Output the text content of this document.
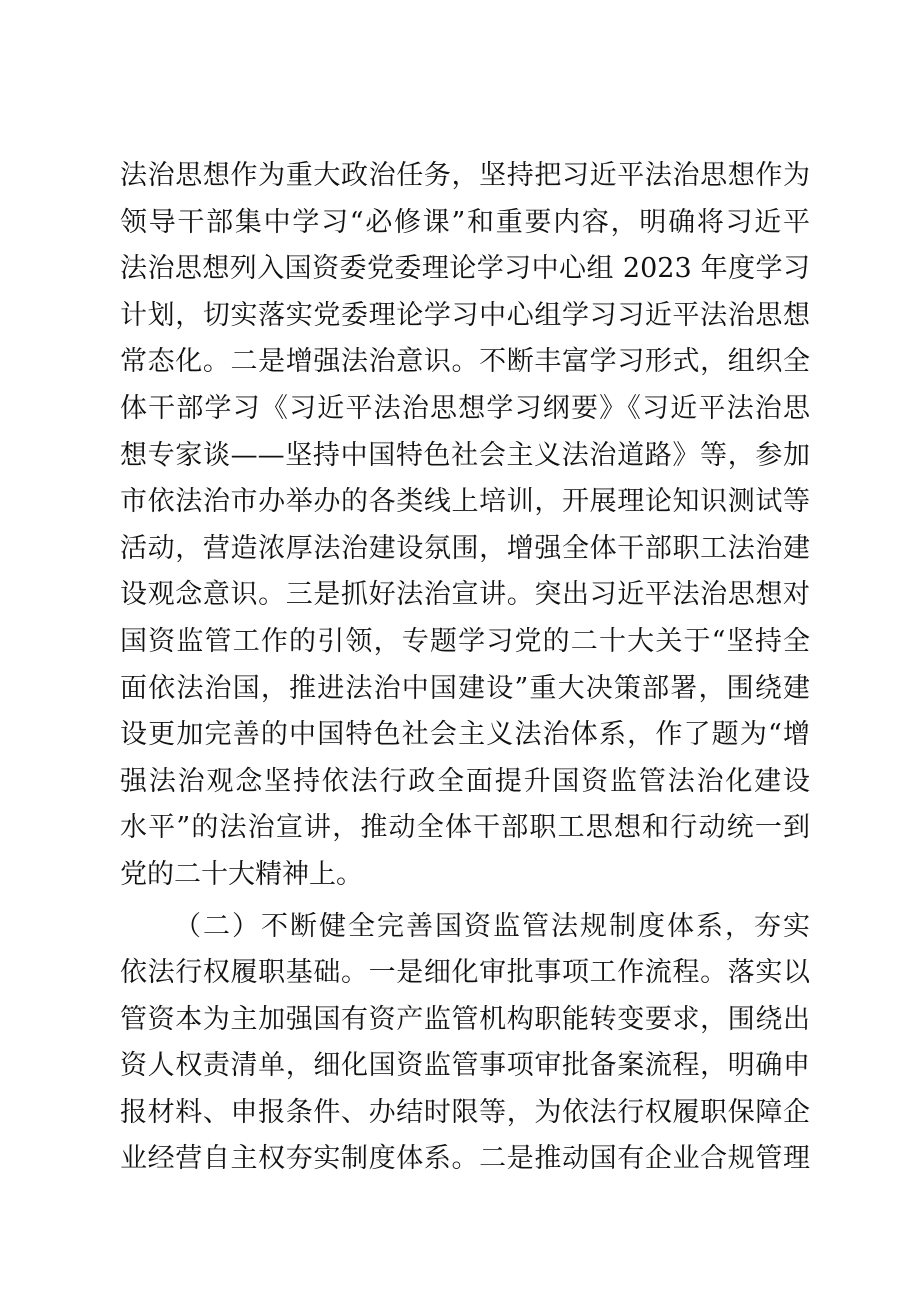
法治思想作为重大政治任务，坚持把习近平法治思想作为
领导干部集中学习“必修课”和重要内容，明确将习近平
法治思想列入国资委党委理论学习中心组 2023 年度学习
计划，切实落实党委理论学习中心组学习习近平法治思想
常态化。二是增强法治意识。不断丰富学习形式，组织全
体干部学习《习近平法治思想学习纲要》《习近平法治思
想专家谈——坚持中国特色社会主义法治道路》等，参加
市依法治市办举办的各类线上培训，开展理论知识测试等
活动，营造浓厚法治建设氛围，增强全体干部职工法治建
设观念意识。三是抓好法治宣讲。突出习近平法治思想对
国资监管工作的引领，专题学习党的二十大关于“坚持全
面依法治国，推进法治中国建设”重大决策部署，围绕建
设更加完善的中国特色社会主义法治体系，作了题为“增
强法治观念坚持依法行政全面提升国资监管法治化建设
水平”的法治宣讲，推动全体干部职工思想和行动统一到
党的二十大精神上。
（二）不断健全完善国资监管法规制度体系，夯实
依法行权履职基础。一是细化审批事项工作流程。落实以
管资本为主加强国有资产监管机构职能转变要求，围绕出
资人权责清单，细化国资监管事项审批备案流程，明确申
报材料、申报条件、办结时限等，为依法行权履职保障企
业经营自主权夯实制度体系。二是推动国有企业合规管理
